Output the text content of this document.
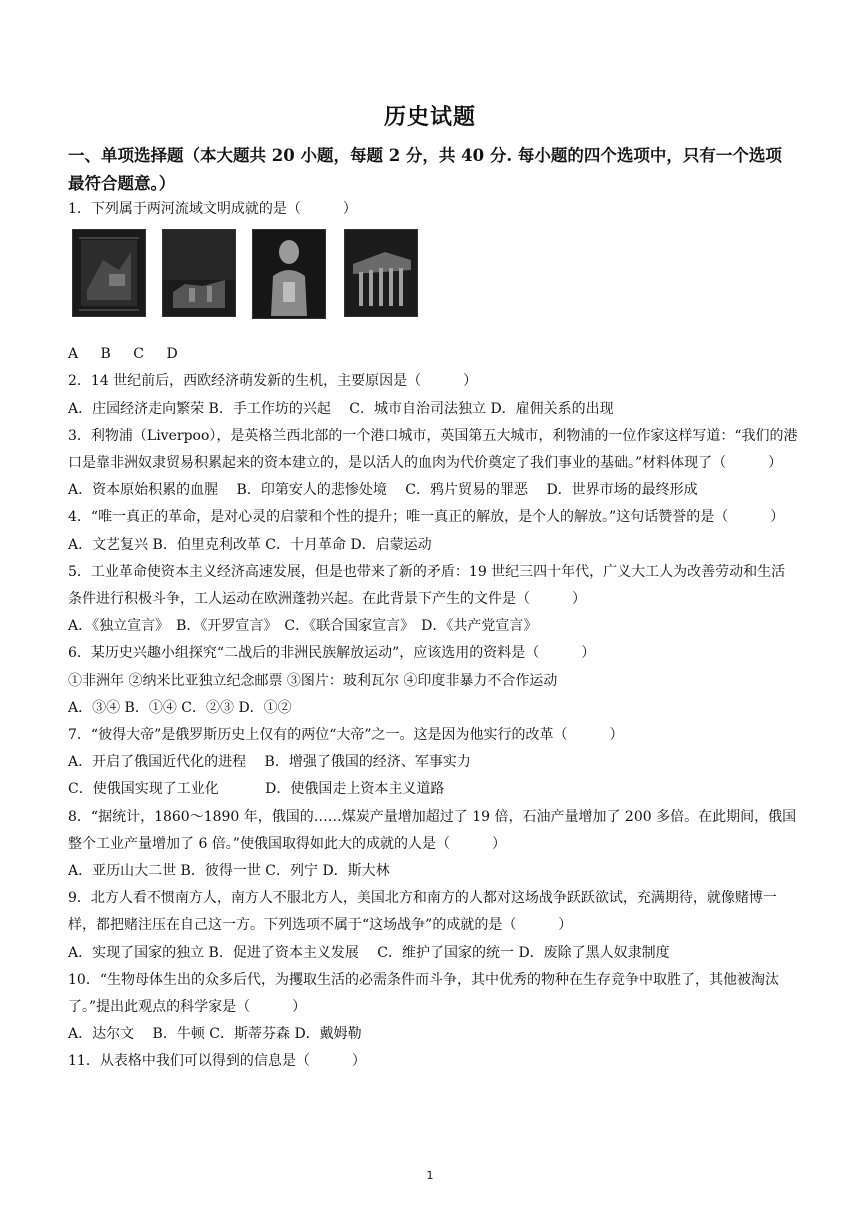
历史试题
一、单项选择题（本大题共 20 小题，每题 2 分，共 40 分. 每小题的四个选项中，只有一个选项最符合题意。）
1．下列属于两河流域文明成就的是（　　　）
A　 B　 C　 D
2．14 世纪前后，西欧经济萌发新的生机，主要原因是（　　　）
A．庄园经济走向繁荣 B．手工作坊的兴起　 C．城市自治司法独立 D．雇佣关系的出现
3．利物浦（Liverpoo），是英格兰西北部的一个港口城市，英国第五大城市，利物浦的一位作家这样写道：“我们的港口是靠非洲奴隶贸易积累起来的资本建立的，是以活人的血肉为代价奠定了我们事业的基础。”材料体现了（　　　）
A．资本原始积累的血腥　 B．印第安人的悲惨处境　 C．鸦片贸易的罪恶　 D．世界市场的最终形成
4．“唯一真正的革命，是对心灵的启蒙和个性的提升；唯一真正的解放，是个人的解放。”这句话赞誉的是（　　　）
A．文艺复兴 B．伯里克利改革 C．十月革命 D．启蒙运动
5．工业革命使资本主义经济高速发展，但是也带来了新的矛盾：19 世纪三四十年代，广义大工人为改善劳动和生活条件进行积极斗争，工人运动在欧洲蓬勃兴起。在此背景下产生的文件是（　　　）
A．《独立宣言》　B．《开罗宣言》　C．《联合国家宣言》　D．《共产党宣言》
6．某历史兴趣小组探究“二战后的非洲民族解放运动”，应该选用的资料是（　　　）
①非洲年 ②纳米比亚独立纪念邮票 ③图片：玻利瓦尔 ④印度非暴力不合作运动
A．③④ B．①④ C．②③ D．①②
7．“彼得大帝”是俄罗斯历史上仅有的两位“大帝”之一。这是因为他实行的改革（　　　）
A．开启了俄国近代化的进程　 B．增强了俄国的经济、军事实力
C．使俄国实现了工业化　　　 D．使俄国走上资本主义道路
8．“据统计，1860～1890 年，俄国的……煤炭产量增加超过了 19 倍，石油产量增加了 200 多倍。在此期间，俄国整个工业产量增加了 6 倍。”使俄国取得如此大的成就的人是（　　　）
A．亚历山大二世 B．彼得一世 C．列宁 D．斯大林
9．北方人看不惯南方人，南方人不服北方人，美国北方和南方的人都对这场战争跃跃欲试，充满期待，就像赌博一样，都把赌注压在自己这一方。下列选项不属于“这场战争”的成就的是（　　　）
A．实现了国家的独立 B．促进了资本主义发展　 C．维护了国家的统一 D．废除了黑人奴隶制度
10．“生物母体生出的众多后代，为攫取生活的必需条件而斗争，其中优秀的物种在生存竞争中取胜了，其他被淘汰了。”提出此观点的科学家是（　　　）
A．达尔文　 B．牛顿 C．斯蒂芬森 D．戴姆勒
11．从表格中我们可以得到的信息是（　　　）
1
